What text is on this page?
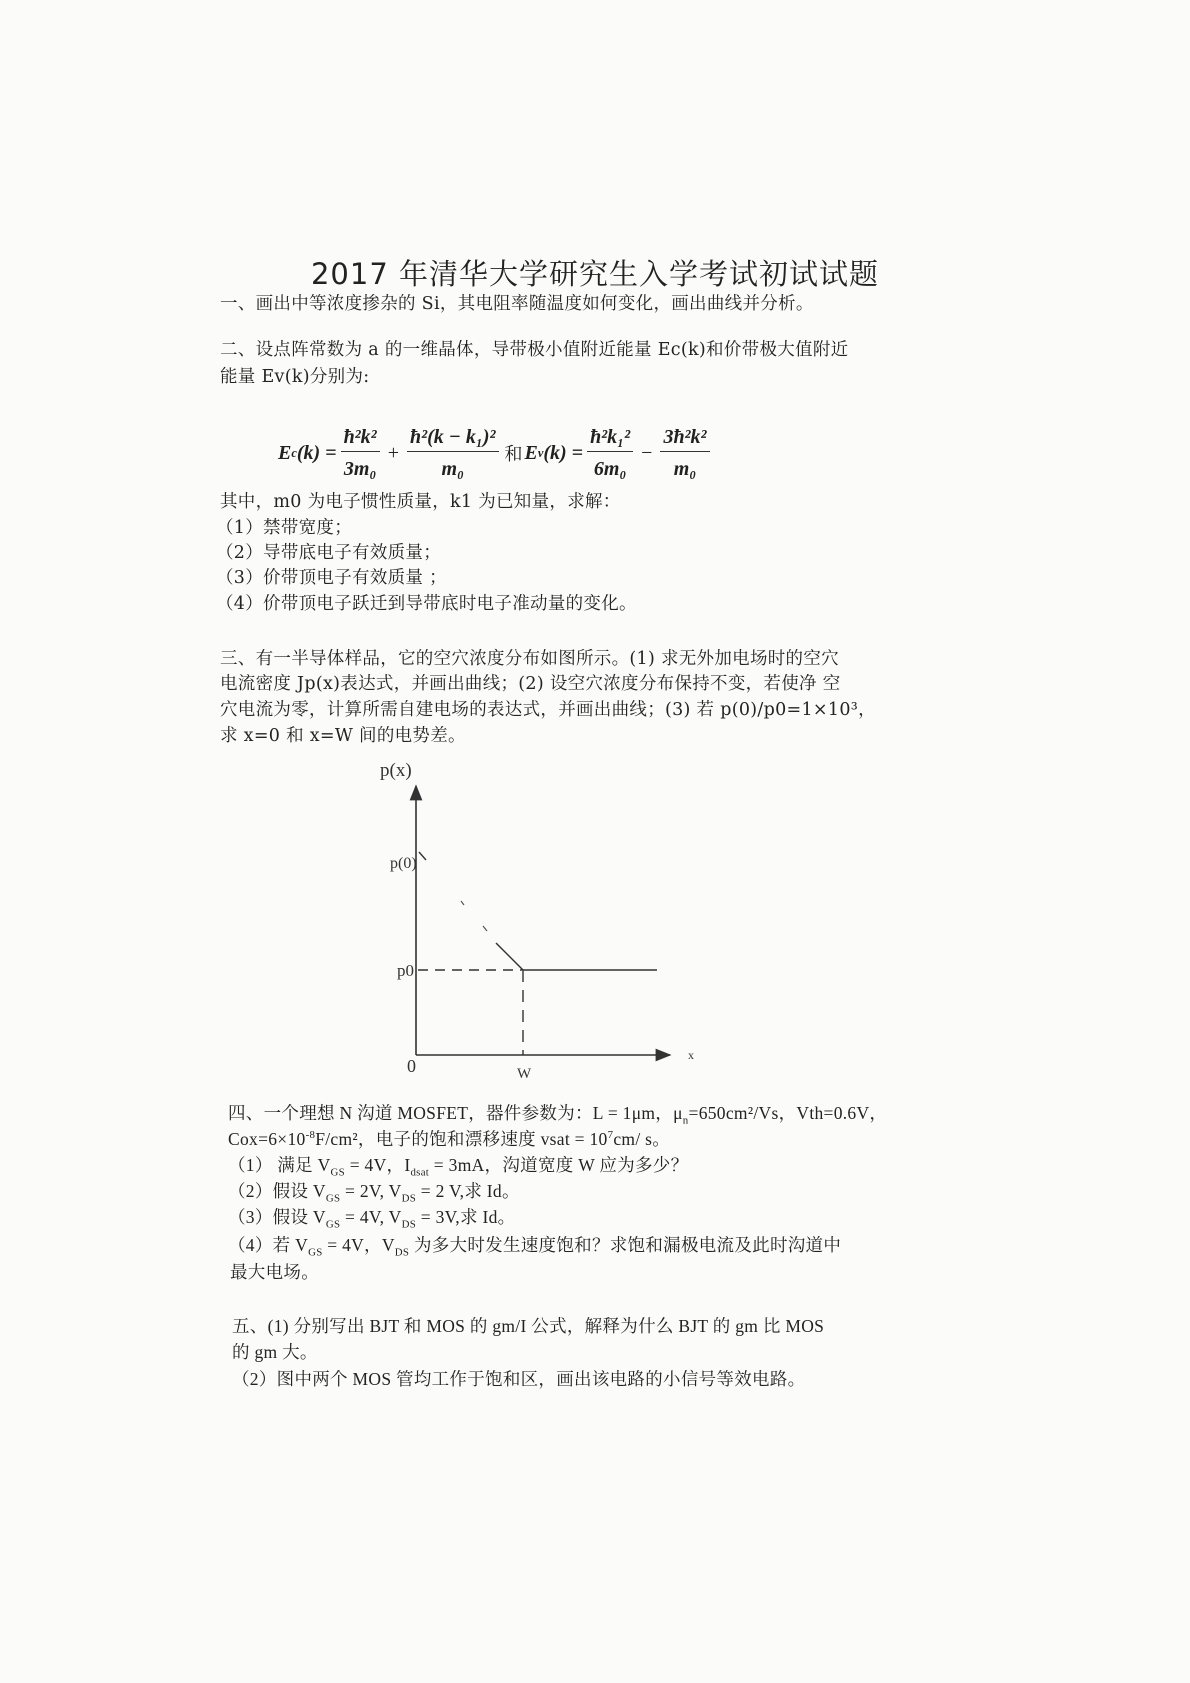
2017 年清华大学研究生入学考试初试试题
一、画出中等浓度掺杂的 Si，其电阻率随温度如何变化，画出曲线并分析。
二、设点阵常数为 a 的一维晶体，导带极小值附近能量 Ec(k)和价带极大值附近
能量 Ev(k)分别为:
E c $(k) = \frac{\text{ħ²k²}}{\text{3m₀}} + \frac{\text{ħ²(k − k₁)²}}{\text{m₀}}$ 和 E v $(k) = \frac{\text{ħ²k₁²}}{\text{6m₀}} - \frac{\text{3ħ²k²}}{\text{m₀}}$
其中，m0 为电子惯性质量，k1 为已知量，求解：
（1）禁带宽度；
（2）导带底电子有效质量；
（3）价带顶电子有效质量 ；
（4）价带顶电子跃迁到导带底时电子准动量的变化。
三、有一半导体样品，它的空穴浓度分布如图所示。(1) 求无外加电场时的空穴
电流密度 Jp(x)表达式，并画出曲线；(2) 设空穴浓度分布保持不变，若使净 空
穴电流为零，计算所需自建电场的表达式，并画出曲线；(3) 若 p(0)/p0=1×10³，
求 x=0 和 x=W 间的电势差。
p(x)
p(0)
p0
0	W
x
四、一个理想 N 沟道 MOSFET，器件参数为：L = 1μm，$\mu_n=650cm^2/Vs$，Vth=0.6V，
$Cox=6\times 10^{-8}F$/cm²，电子的饱和漂移速度 vsat = $10^7cm/$ s。
（1） 满足 $V_{GS} = 4V$，$I_{dsat} = 3mA$，沟道宽度 W 应为多少？
（2）假设 $V_{GS} = 2V$, $V_{DS} = 2$ V,求 Id。
（3）假设 $V_{GS} = 4V$, $V_{DS} = 3V$,求 Id。
（4）若 $V_{GS} = 4V$，$V_{DS}$ 为多大时发生速度饱和？求饱和漏极电流及此时沟道中
最大电场。
五、(1) 分别写出 BJT 和 MOS 的 gm/I 公式，解释为什么 BJT 的 gm 比 MOS
的 gm 大。
（2）图中两个 MOS 管均工作于饱和区，画出该电路的小信号等效电路。
